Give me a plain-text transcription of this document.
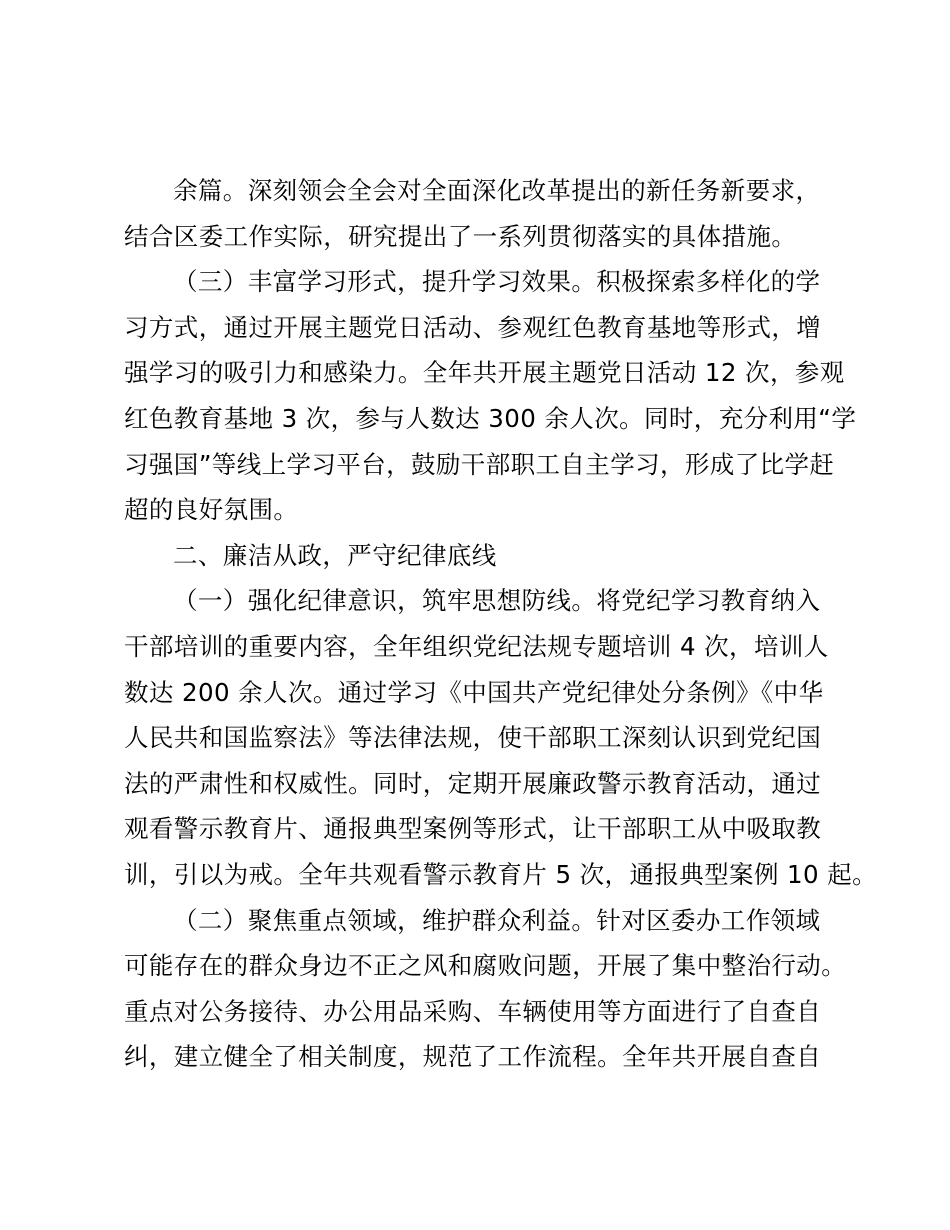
余篇。深刻领会全会对全面深化改革提出的新任务新要求，
结合区委工作实际，研究提出了一系列贯彻落实的具体措施。
（三）丰富学习形式，提升学习效果。积极探索多样化的学
习方式，通过开展主题党日活动、参观红色教育基地等形式，增
强学习的吸引力和感染力。全年共开展主题党日活动 12 次，参观
红色教育基地 3 次，参与人数达 300 余人次。同时，充分利用“学
习强国”等线上学习平台，鼓励干部职工自主学习，形成了比学赶
超的良好氛围。
二、廉洁从政，严守纪律底线
（一）强化纪律意识，筑牢思想防线。将党纪学习教育纳入
干部培训的重要内容，全年组织党纪法规专题培训 4 次，培训人
数达 200 余人次。通过学习《中国共产党纪律处分条例》《中华
人民共和国监察法》等法律法规，使干部职工深刻认识到党纪国
法的严肃性和权威性。同时，定期开展廉政警示教育活动，通过
观看警示教育片、通报典型案例等形式，让干部职工从中吸取教
训，引以为戒。全年共观看警示教育片 5 次，通报典型案例 10 起。
（二）聚焦重点领域，维护群众利益。针对区委办工作领域
可能存在的群众身边不正之风和腐败问题，开展了集中整治行动。
重点对公务接待、办公用品采购、车辆使用等方面进行了自查自
纠，建立健全了相关制度，规范了工作流程。全年共开展自查自
